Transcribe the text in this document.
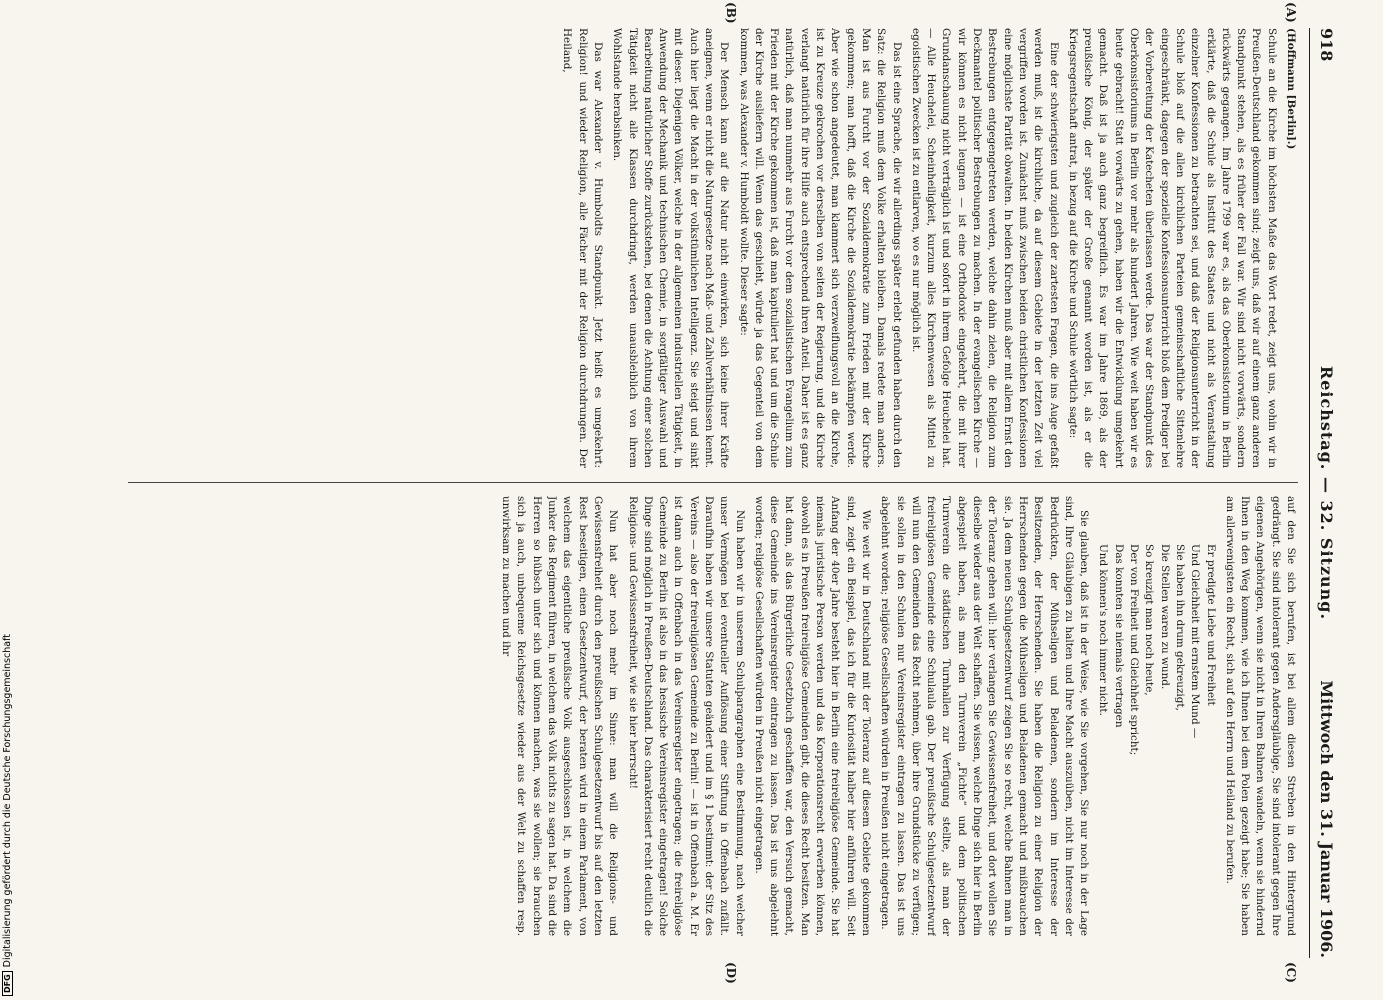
918
Reichstag. — 32. Sitzung.
Mittwoch den 31. Januar 1906.
(A)
(B)
(C)
(D)

(Hoffmann [Berlin].)

Schule an die Kirche im höchsten Maße das Wort redet, zeigt uns, wohin wir in Preußen-Deutschland gekommen sind; zeigt uns, daß wir auf einem ganz anderen Standpunkt stehen, als es früher der Fall war. Wir sind nicht vorwärts, sondern rückwärts gegangen. Im Jahre 1799 war es, als das Oberkonsistorium in Berlin erklärte, daß die Schule als Institut des Staates und nicht als Veranstaltung einzelner Konfessionen zu betrachten sei, und daß der Religionsunterricht in der Schule bloß auf die allen kirchlichen Parteien gemeinschaftliche Sittenlehre eingeschränkt, dagegen der spezielle Konfessionsunterricht bloß dem Prediger bei der Vorbereitung der Katecheten überlassen werde. Das war der Standpunkt des Oberkonsistoriums in Berlin vor mehr als hundert Jahren. Wie weit haben wir es heute gebracht! Statt vorwärts zu gehen, haben wir die Entwicklung umgekehrt gemacht. Daß ist ja auch ganz begreiflich. Es war im Jahre 1869, als der preußische König, der später der Große genannt worden ist, als er die Kriegsregentschaft antrat, in bezug auf die Kirche und Schule wörtlich sagte:

Eine der schwierigsten und zugleich der zartesten Fragen, die ins Auge gefaßt werden muß, ist die kirchliche, da auf diesem Gebiete in der letzten Zeit viel vergriffen worden ist. Zunächst muß zwischen beiden christlichen Konfessionen eine möglichste Parität obwalten. In beiden Kirchen muß aber mit allem Ernst den Bestrebungen entgegengetreten werden, welche dahin zielen, die Religion zum Deckmantel politischer Bestrebungen zu machen. In der evangelischen Kirche — wir können es nicht leugnen — ist eine Orthodoxie eingekehrt, die mit ihrer Grundanschauung nicht verträglich ist und sofort in ihrem Gefolge Heuchelei hat. — Alle Heuchelei, Scheinheiligkeit, kurzum alles Kirchenwesen als Mittel zu egoistischen Zwecken ist zu entlarven, wo es nur möglich ist.

Das ist eine Sprache, die wir allerdings später erlebt gefunden haben durch den Satz: die Religion muß dem Volke erhalten bleiben. Damals redete man anders. Man ist aus Furcht vor der Sozialdemokratie zum Frieden mit der Kirche gekommen; man hofft, daß die Kirche die Sozialdemokratie bekämpfen werde. Aber wie schon angedeutet, man klammert sich verzweiflungsvoll an die Kirche, ist zu Kreuze gekrochen vor derselben von seiten der Regierung, und die Kirche verlangt natürlich für ihre Hilfe auch entsprechend ihren Anteil. Daher ist es ganz natürlich, daß man nunmehr aus Furcht vor dem sozialistischen Evangelium zum Frieden mit der Kirche gekommen ist, daß man kapituliert hat und um die Schule der Kirche ausliefern will. Wenn das geschieht, würde ja das Gegenteil von dem kommen, was Alexander v. Humboldt wollte. Dieser sagte:

Der Mensch kann auf die Natur nicht einwirken, sich keine ihrer Kräfte aneignen, wenn er nicht die Naturgesetze nach Maß- und Zahlverhältnissen kennt. Auch hier liegt die Macht in der volkstümlichen Intelligenz. Sie steigt und sinkt mit dieser. Diejenigen Völker, welche in der allgemeinen industriellen Tätigkeit, in Anwendung der Mechanik und technischen Chemie, in sorgfältiger Auswahl und Bearbeitung natürlicher Stoffe zurückstehen, bei denen die Achtung einer solchen Tätigkeit nicht alle Klassen durchdringt, werden unausbleiblich von ihrem Wohlstande herabsinken.

Das war Alexander v. Humboldts Standpunkt. Jetzt heißt es umgekehrt: Religion! und wieder Religion, alle Fächer mit der Religion durchdrungen. Der Heiland,

auf den Sie sich berufen, ist bei allem diesen Streben in den Hintergrund gedrängt. Sie sind intolerant gegen Andersgläubige, Sie sind intolerant gegen Ihre eigenen Angehörigen, wenn sie nicht in Ihren Bahnen wandeln, wenn sie hindernd Ihnen in den Weg kommen, wie ich Ihnen bei dem Polen gezeigt habe; Sie haben am allerwenigsten ein Recht, sich auf den Herrn und Heiland zu berufen.

Er predigte Liebe und Freiheit
Und Gleichheit mit ernstem Mund —
Sie haben ihn drum gekreuzigt,
Die Stellen waren zu wund.
So kreuzigt man noch heute,
Der von Freiheit und Gleichheit spricht;
Das konnten sie niemals vertragen
Und können's noch immer nicht.

Sie glauben, daß ist in der Weise, wie Sie vorgehen, Sie nur noch in der Lage sind, Ihre Gläubigen zu halten und Ihre Macht auszuüben, nicht im Interesse der Bedrückten, der Mühseligen und Beladenen, sondern im Interesse der Besitzenden, der Herrschenden. Sie haben die Religion zu einer Religion der Herrschenden gegen die Mühseligen und Beladenen gemacht und mißbrauchen sie. Ja dem neuen Schulgesetzentwurf zeigen Sie so recht, welche Bahnen man in der Toleranz gehen will: hier verlangen Sie Gewissensfreiheit, und dort wollen Sie dieselbe wieder aus der Welt schaffen. Sie wissen, welche Dinge sich hier in Berlin abgespielt haben, als man den Turnverein „Fichte“ und dem politischen Turnverein die städtischen Turnhallen zur Verfügung stellte, als man der freireligiösen Gemeinde eine Schulaula gab. Der preußische Schulgesetzentwurf will nun den Gemeinden das Recht nehmen, über ihre Grundstücke zu verfügen; sie sollen in den Schulen nur Vereinsregister eintragen zu lassen. Das ist uns abgelehnt worden; religiöse Gesellschaften würden in Preußen nicht eingetragen.

Wie weit wir in Deutschland mit der Toleranz auf diesem Gebiete gekommen sind, zeigt ein Beispiel, das ich für die Kuriosität halber hier anführen will. Seit Anfang der 40er Jahre besteht hier in Berlin eine freireligiöse Gemeinde. Sie hat niemals juristische Person werden und das Korporationsrecht erwerben können, obwohl es in Preußen freireligiöse Gemeinden gibt, die dieses Recht besitzen. Man hat dann, als das Bürgerliche Gesetzbuch geschaffen war, den Versuch gemacht, diese Gemeinde ins Vereinsregister eintragen zu lassen. Das ist uns abgelehnt worden; religiöse Gesellschaften würden in Preußen nicht eingetragen.

Nun haben wir in unserem Schulparagraphen eine Bestimmung, nach welcher unser Vermögen bei eventueller Auflösung einer Stiftung in Offenbach zufällt. Daraufhin haben wir unsere Statuten geändert und im § 1 bestimmt: der Sitz des Vereins — also der freireligiösen Gemeinde zu Berlin! — ist in Offenbach a. M. Er ist dann auch in Offenbach in das Vereinsregister eingetragen; die freireligiöse Gemeinde zu Berlin ist also in das hessische Vereinsregister eingetragen! Solche Dinge sind möglich in Preußen-Deutschland. Das charakterisiert recht deutlich die Religions- und Gewissensfreiheit, wie sie hier herrscht!

Nun hat aber noch mehr im Sinne: man will die Religions- und Gewissensfreiheit durch den preußischen Schulgesetzentwurf bis auf den letzten Rest beseitigen, einen Gesetzentwurf, der beraten wird in einem Parlament, von welchem das eigentliche preußische Volk ausgeschlossen ist, in welchem die Junker das Regiment führen, in welchem das Volk nichts zu sagen hat. Da sind die Herren so hübsch unter sich und können machen, was sie wollen; sie brauchen sich ja auch, unbequeme Reichsgesetze wieder aus der Welt zu schaffen resp. unwirksam zu machen und ihr

DFGDigitalisierung gefördert durch die Deutsche Forschungsgemeinschaft
